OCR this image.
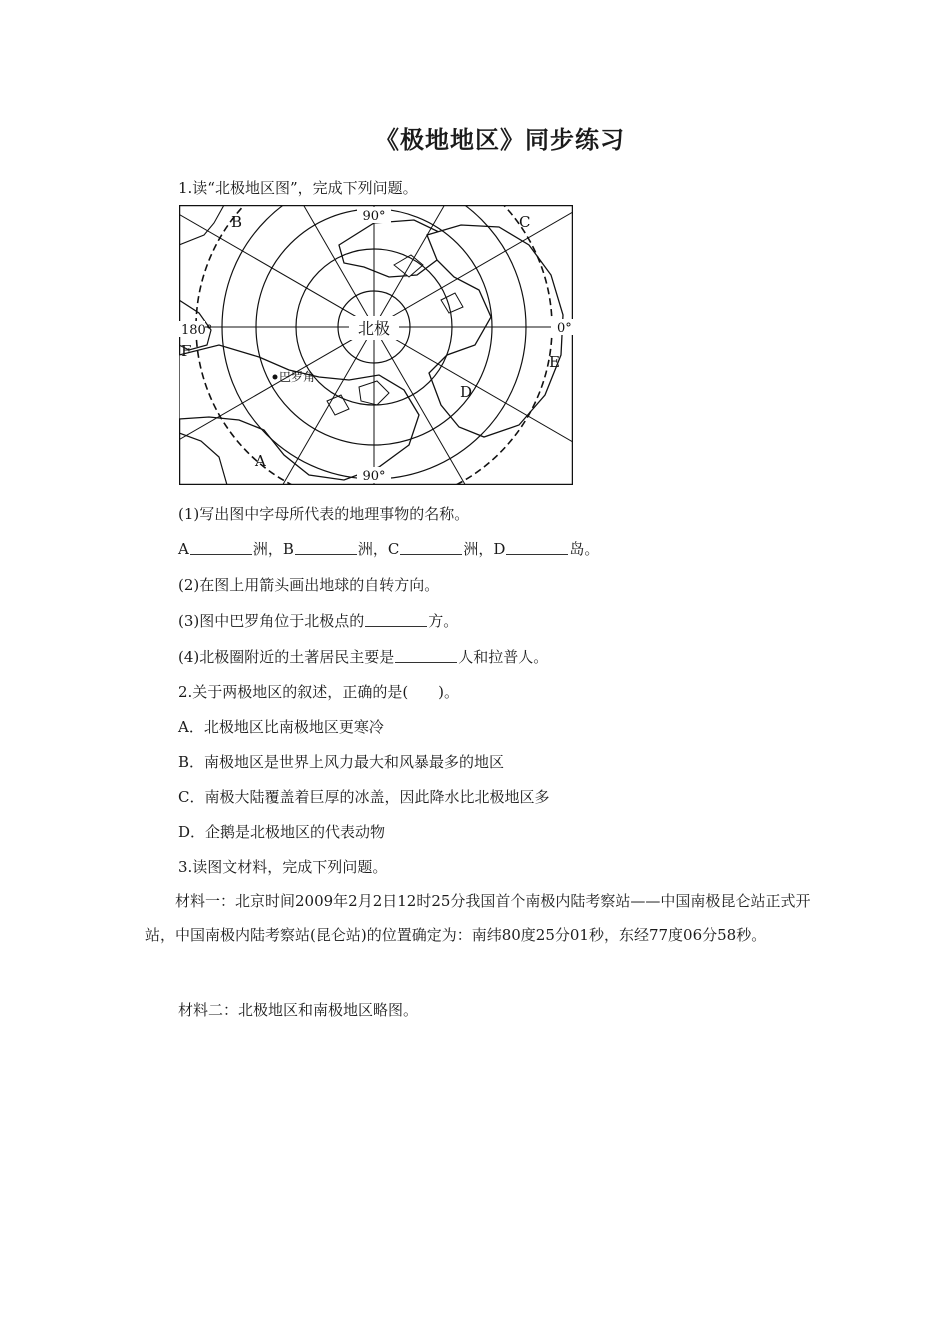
《极地地区》同步练习

1.读“北极地区图”，完成下列问题。

北极
90°
90°
180°	0°
B	C
A
D
E
F
巴罗角

(1)写出图中字母所代表的地理事物的名称。

A	洲，B	洲，C	洲，D	岛。

(2)在图上用箭头画出地球的自转方向。

(3)图中巴罗角位于北极点的	方。

(4)北极圈附近的土著居民主要是	人和拉普人。

2.关于两极地区的叙述，正确的是(　　)。

A．北极地区比南极地区更寒冷

B．南极地区是世界上风力最大和风暴最多的地区

C．南极大陆覆盖着巨厚的冰盖，因此降水比北极地区多

D．企鹅是北极地区的代表动物

3.读图文材料，完成下列问题。

材料一：北京时间2009年2月2日12时25分我国首个南极内陆考察站——中国南极昆仑站正式开站，中国南极内陆考察站(昆仑站)的位置确定为：南纬80度25分01秒，东经77度06分58秒。

材料二：北极地区和南极地区略图。
